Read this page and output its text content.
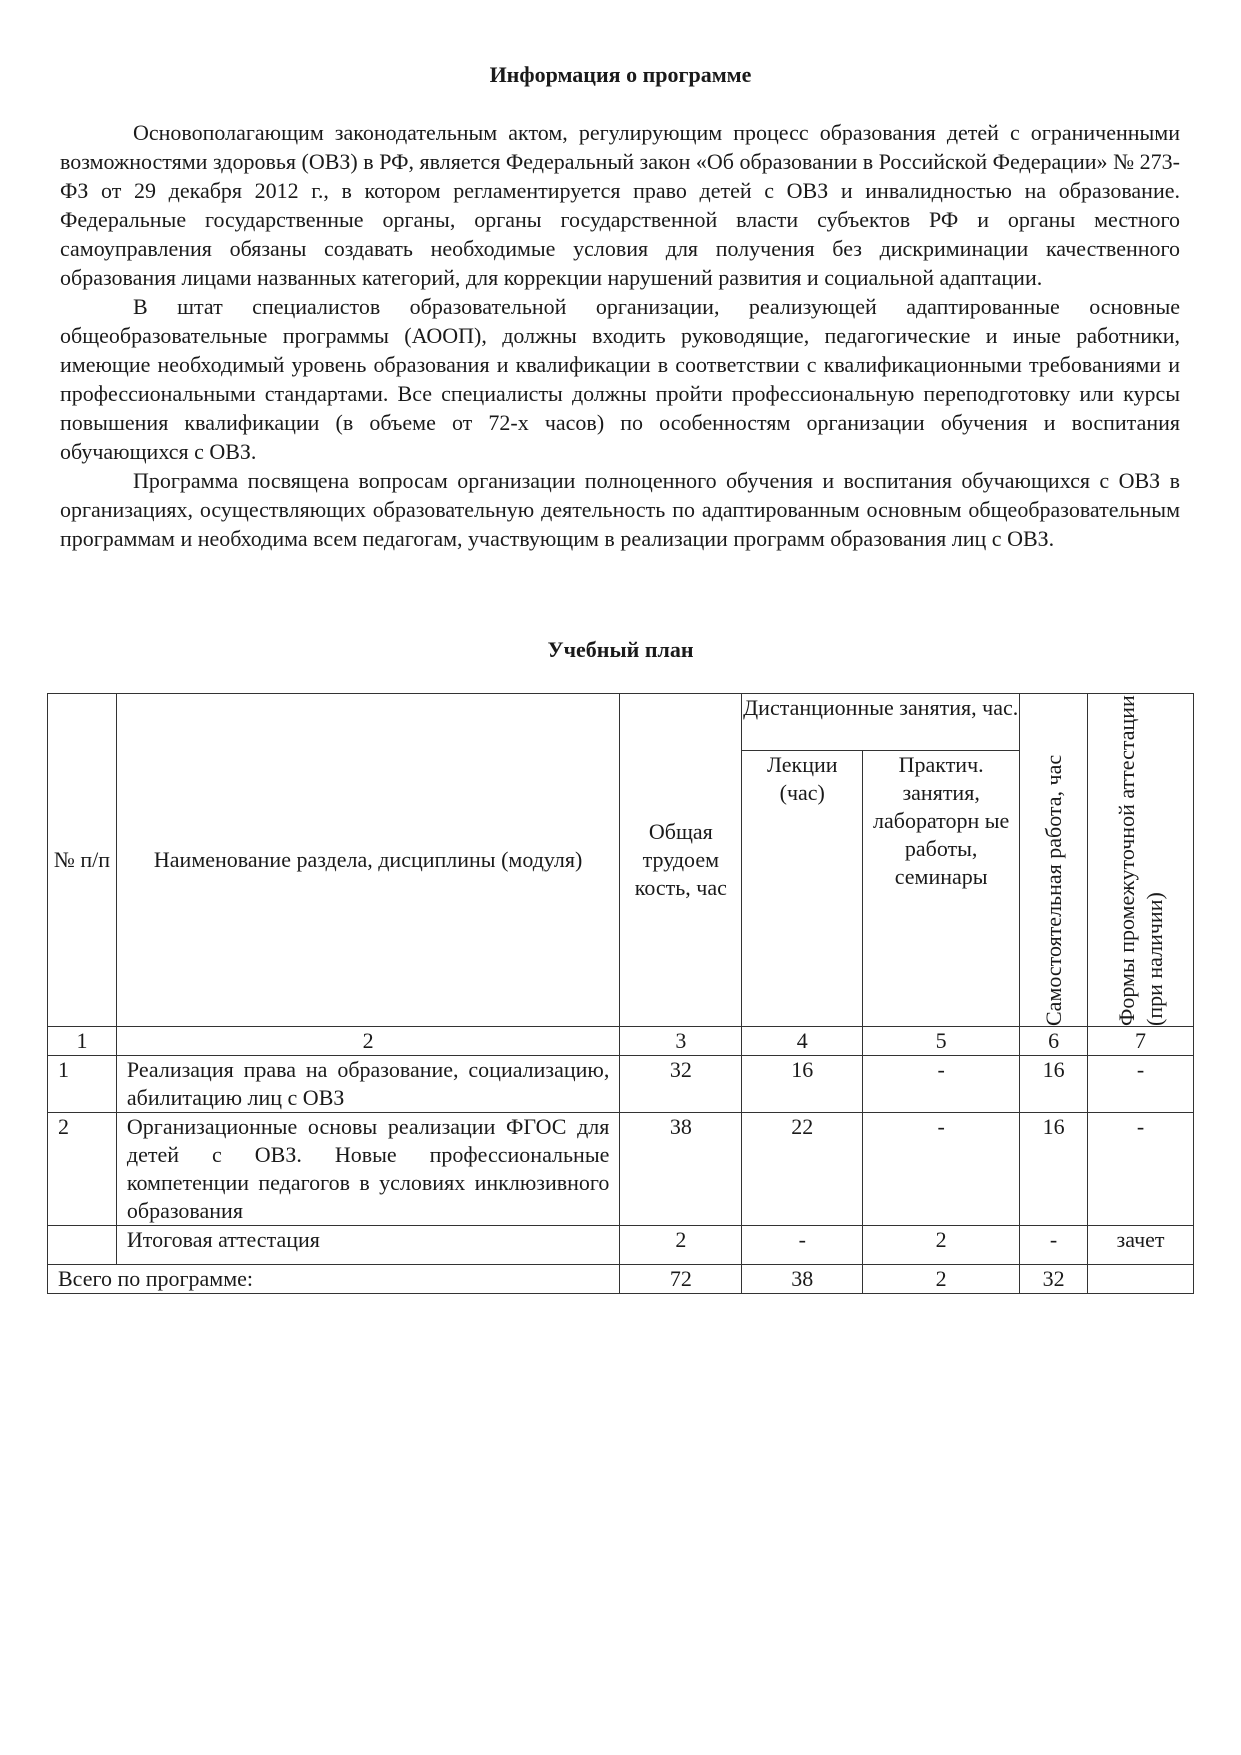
Информация о программе

Основополагающим законодательным актом, регулирующим процесс образования детей с ограниченными возможностями здоровья (ОВЗ) в РФ, является Федеральный закон «Об образовании в Российской Федерации» № 273-ФЗ от 29 декабря 2012 г., в котором регламентируется право детей с ОВЗ и инвалидностью на образование. Федеральные государственные органы, органы государственной власти субъектов РФ и органы местного самоуправления обязаны создавать необходимые условия для получения без дискриминации качественного образования лицами названных категорий, для коррекции нарушений развития и социальной адаптации.

В штат специалистов образовательной организации, реализующей адаптированные основные общеобразовательные программы (АООП), должны входить руководящие, педагогические и иные работники, имеющие необходимый уровень образования и квалификации в соответствии с квалификационными требованиями и профессиональными стандартами. Все специалисты должны пройти профессиональную переподготовку или курсы повышения квалификации (в объеме от 72-х часов) по особенностям организации обучения и воспитания обучающихся с ОВЗ.

Программа посвящена вопросам организации полноценного обучения и воспитания обучающихся с ОВЗ в организациях, осуществляющих образовательную деятельность по адаптированным основным общеобразовательным программам и необходима всем педагогам, участвующим в реализации программ образования лиц с ОВЗ.

Учебный план
№ п/п	Наименование раздела, дисциплины (модуля)	Общая трудоем кость, час	Дистанционные занятия, час.		Самостоятельная работа, час	Формы промежуточной аттестации (при наличии)

			Лекции (час)	Практич. занятия, лабораторн ые работы, семинары		
1	2	3	4	5	6	7
1	Реализация права на образование, социализацию, абилитацию лиц с ОВЗ	32	16	-	16	-
2	Организационные основы реализации ФГОС для детей с ОВЗ. Новые профессиональные компетенции педагогов в условиях инклюзивного образования	38	22	-	16	-
	Итоговая аттестация	2	-	2	-	зачет
Всего по программе:		72	38	2	32	
